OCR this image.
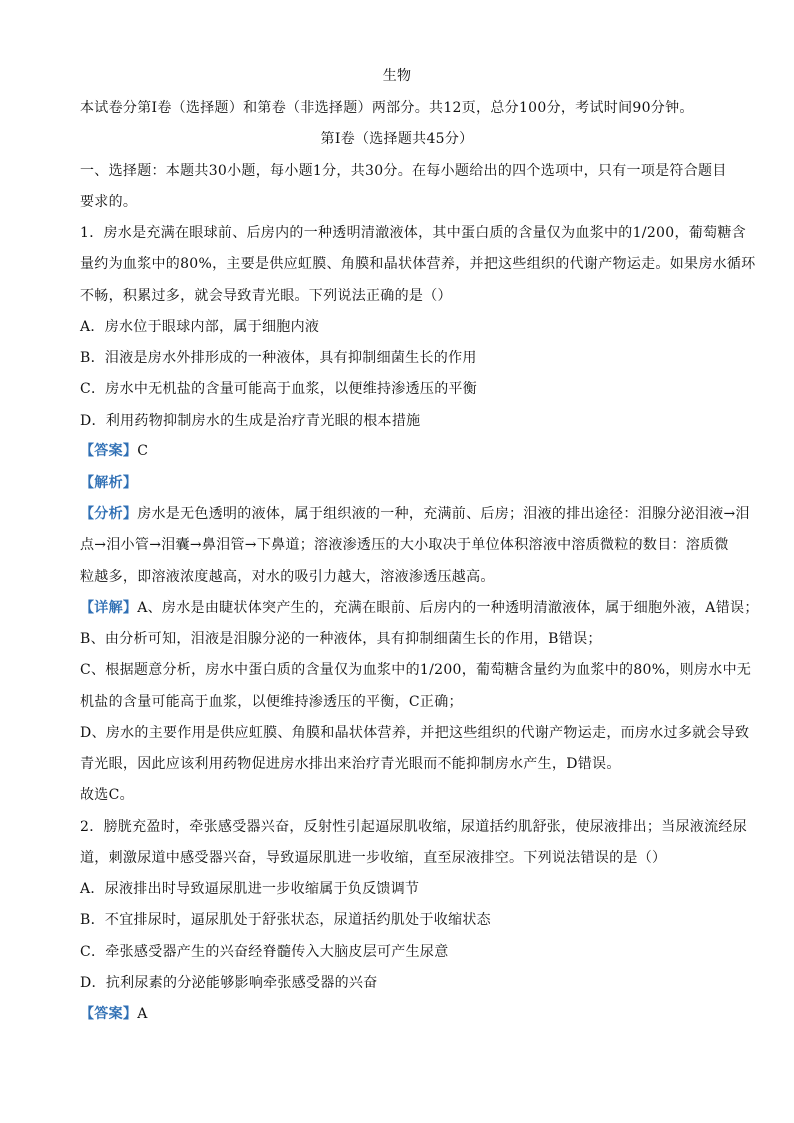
生物
本试卷分第Ⅰ卷（选择题）和第卷（非选择题）两部分。共12页，总分100分，考试时间90分钟。
第Ⅰ卷（选择题共45分）
一、选择题：本题共30小题，每小题1分，共30分。在每小题给出的四个选项中，只有一项是符合题目
要求的。
1．房水是充满在眼球前、后房内的一种透明清澈液体，其中蛋白质的含量仅为血浆中的1/200，葡萄糖含
量约为血浆中的80%，主要是供应虹膜、角膜和晶状体营养，并把这些组织的代谢产物运走。如果房水循环
不畅，积累过多，就会导致青光眼。下列说法正确的是（）
A．房水位于眼球内部，属于细胞内液
B．泪液是房水外排形成的一种液体，具有抑制细菌生长的作用
C．房水中无机盐的含量可能高于血浆，以便维持渗透压的平衡
D．利用药物抑制房水的生成是治疗青光眼的根本措施
【答案】C
【解析】
【分析】房水是无色透明的液体，属于组织液的一种，充满前、后房；泪液的排出途径：泪腺分泌泪液→泪
点→泪小管→泪囊→鼻泪管→下鼻道；溶液渗透压的大小取决于单位体积溶液中溶质微粒的数目：溶质微
粒越多，即溶液浓度越高，对水的吸引力越大，溶液渗透压越高。
【详解】A、房水是由睫状体突产生的，充满在眼前、后房内的一种透明清澈液体，属于细胞外液，A错误；
B、由分析可知，泪液是泪腺分泌的一种液体，具有抑制细菌生长的作用，B错误；
C、根据题意分析，房水中蛋白质的含量仅为血浆中的1/200，葡萄糖含量约为血浆中的80%，则房水中无
机盐的含量可能高于血浆，以便维持渗透压的平衡，C正确；
D、房水的主要作用是供应虹膜、角膜和晶状体营养，并把这些组织的代谢产物运走，而房水过多就会导致
青光眼，因此应该利用药物促进房水排出来治疗青光眼而不能抑制房水产生，D错误。
故选C。
2．膀胱充盈时，牵张感受器兴奋，反射性引起逼尿肌收缩，尿道括约肌舒张，使尿液排出；当尿液流经尿
道，刺激尿道中感受器兴奋，导致逼尿肌进一步收缩，直至尿液排空。下列说法错误的是（）
A．尿液排出时导致逼尿肌进一步收缩属于负反馈调节
B．不宜排尿时，逼尿肌处于舒张状态，尿道括约肌处于收缩状态
C．牵张感受器产生的兴奋经脊髓传入大脑皮层可产生尿意
D．抗利尿素的分泌能够影响牵张感受器的兴奋
【答案】A
